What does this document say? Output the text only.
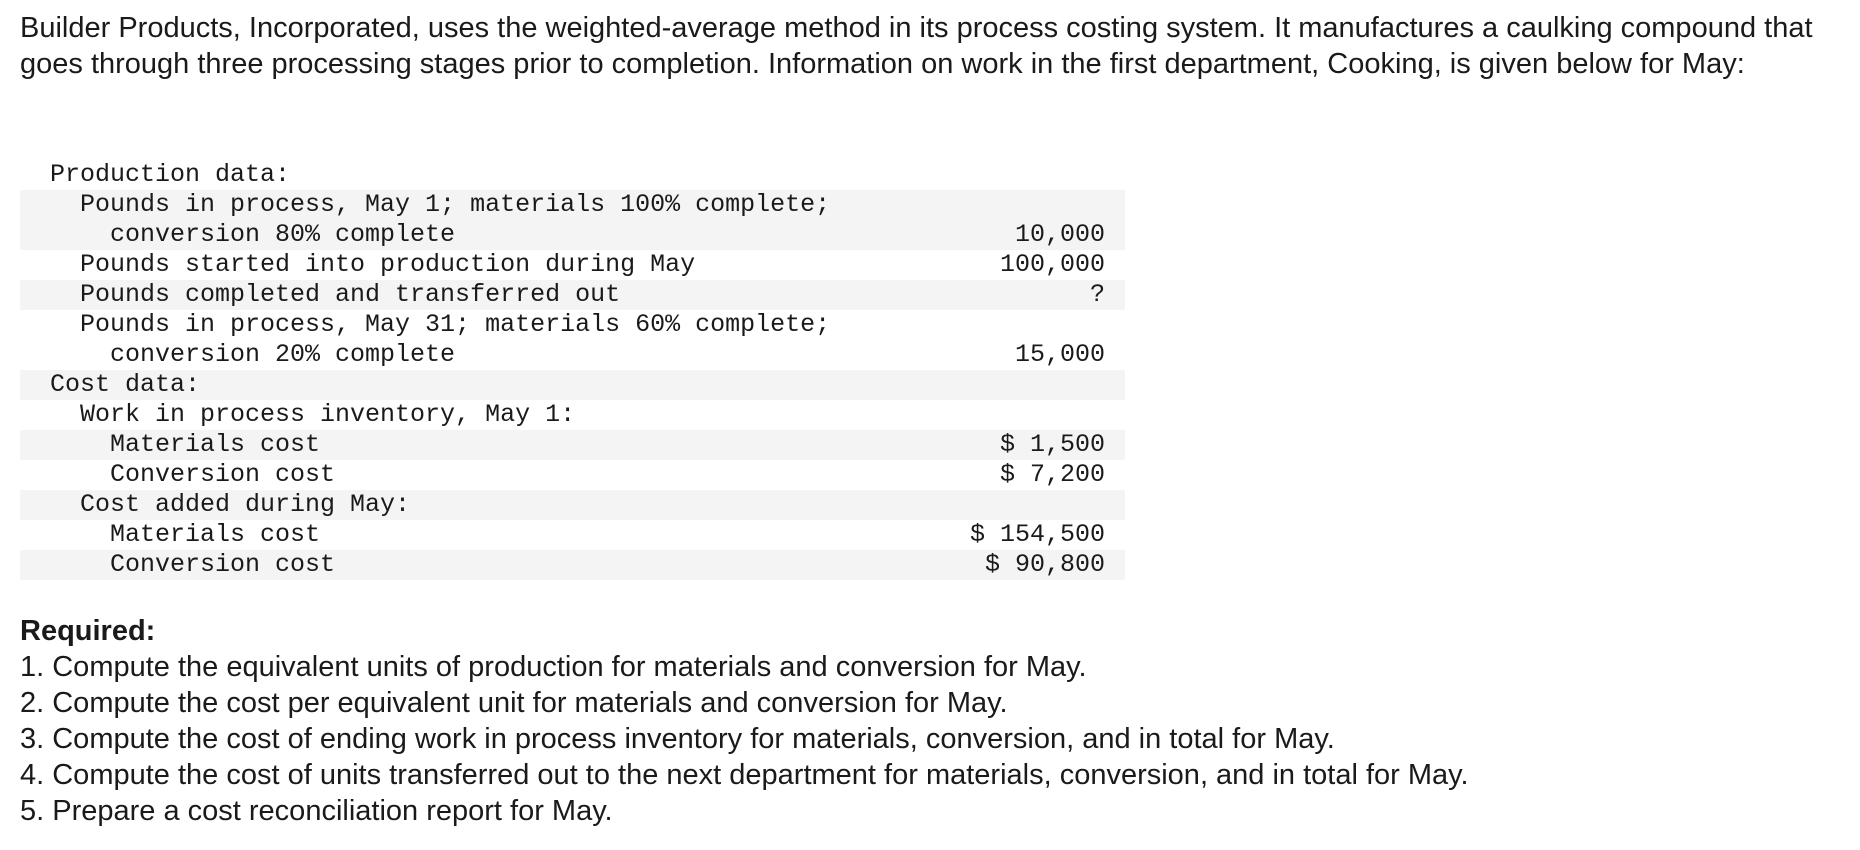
Builder Products, Incorporated, uses the weighted-average method in its process costing system. It manufactures a caulking compound that goes through three processing stages prior to completion. Information on work in the first department, Cooking, is given below for May:

Production data:	
Pounds in process, May 1; materials 100% complete;	
conversion 80% complete	10,000
Pounds started into production during May	100,000
Pounds completed and transferred out	?
Pounds in process, May 31; materials 60% complete;	
conversion 20% complete	15,000
Cost data:	
Work in process inventory, May 1:	
Materials cost	$ 1,500
Conversion cost	$ 7,200
Cost added during May:	
Materials cost	$ 154,500
Conversion cost	$ 90,800

Required:

1. Compute the equivalent units of production for materials and conversion for May.
2. Compute the cost per equivalent unit for materials and conversion for May.
3. Compute the cost of ending work in process inventory for materials, conversion, and in total for May.
4. Compute the cost of units transferred out to the next department for materials, conversion, and in total for May.
5. Prepare a cost reconciliation report for May.
